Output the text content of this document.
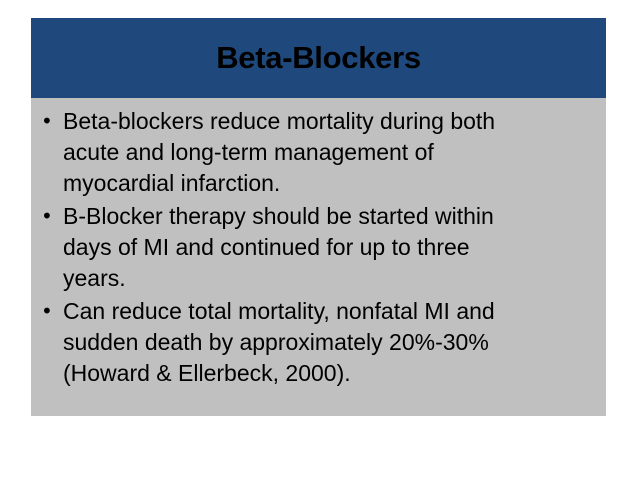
Beta-Blockers
• Beta-blockers reduce mortality during both
acute and long-term management of
myocardial infarction.
• B-Blocker therapy should be started within
days of MI and continued for up to three
years.
• Can reduce total mortality, nonfatal MI and
sudden death by approximately 20%-30%
(Howard & Ellerbeck, 2000).
